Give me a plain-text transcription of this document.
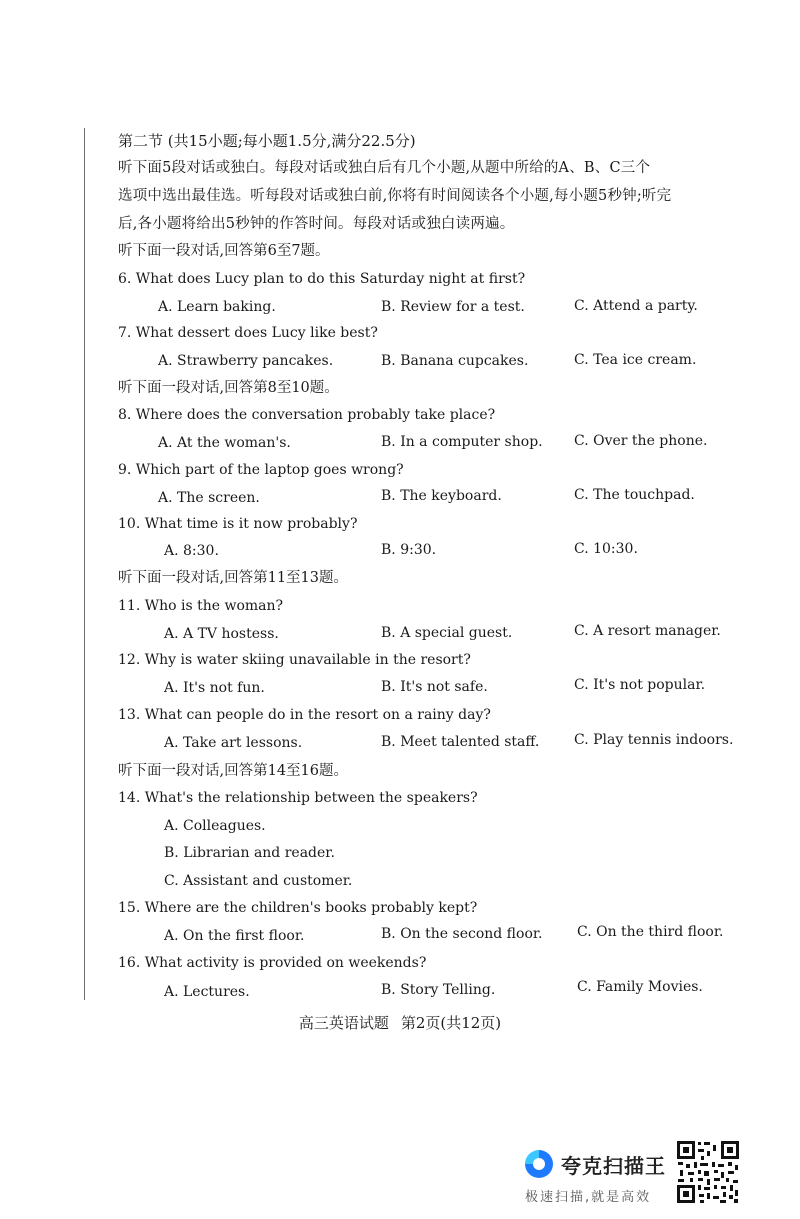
第二节 (共15小题;每小题1.5分,满分22.5分)
听下面5段对话或独白。每段对话或独白后有几个小题,从题中所给的A、B、C三个
选项中选出最佳选。听每段对话或独白前,你将有时间阅读各个小题,每小题5秒钟;听完
后,各小题将给出5秒钟的作答时间。每段对话或独白读两遍。
听下面一段对话,回答第6至7题。
6. What does Lucy plan to do this Saturday night at first?
A. Learn baking.	B. Review for a test.	C. Attend a party.
7. What dessert does Lucy like best?
A. Strawberry pancakes.	B. Banana cupcakes.	C. Tea ice cream.
听下面一段对话,回答第8至10题。
8. Where does the conversation probably take place?
A. At the woman's.	B. In a computer shop. C. Over the phone.
9. Which part of the laptop goes wrong?
A. The screen.	B. The keyboard.	C. The touchpad.
10. What time is it now probably?
A. 8:30.	B. 9:30.	C. 10:30.
听下面一段对话,回答第11至13题。
11. Who is the woman?
A. A TV hostess.	B. A special guest.	C. A resort manager.
12. Why is water skiing unavailable in the resort?
A. It's not fun.	B. It's not safe.	C. It's not popular.
13. What can people do in the resort on a rainy day?
A. Take art lessons.	B. Meet talented staff. C. Play tennis indoors.
听下面一段对话,回答第14至16题。
14. What's the relationship between the speakers?
A. Colleagues.
B. Librarian and reader.
C. Assistant and customer.
15. Where are the children's books probably kept?
A. On the first floor.	B. On the second floor. C. On the third floor.
16. What activity is provided on weekends?
A. Lectures.	B. Story Telling.	C. Family Movies.
高三英语试题 第2页(共12页)
夸克扫描王
极速扫描,就是高效
